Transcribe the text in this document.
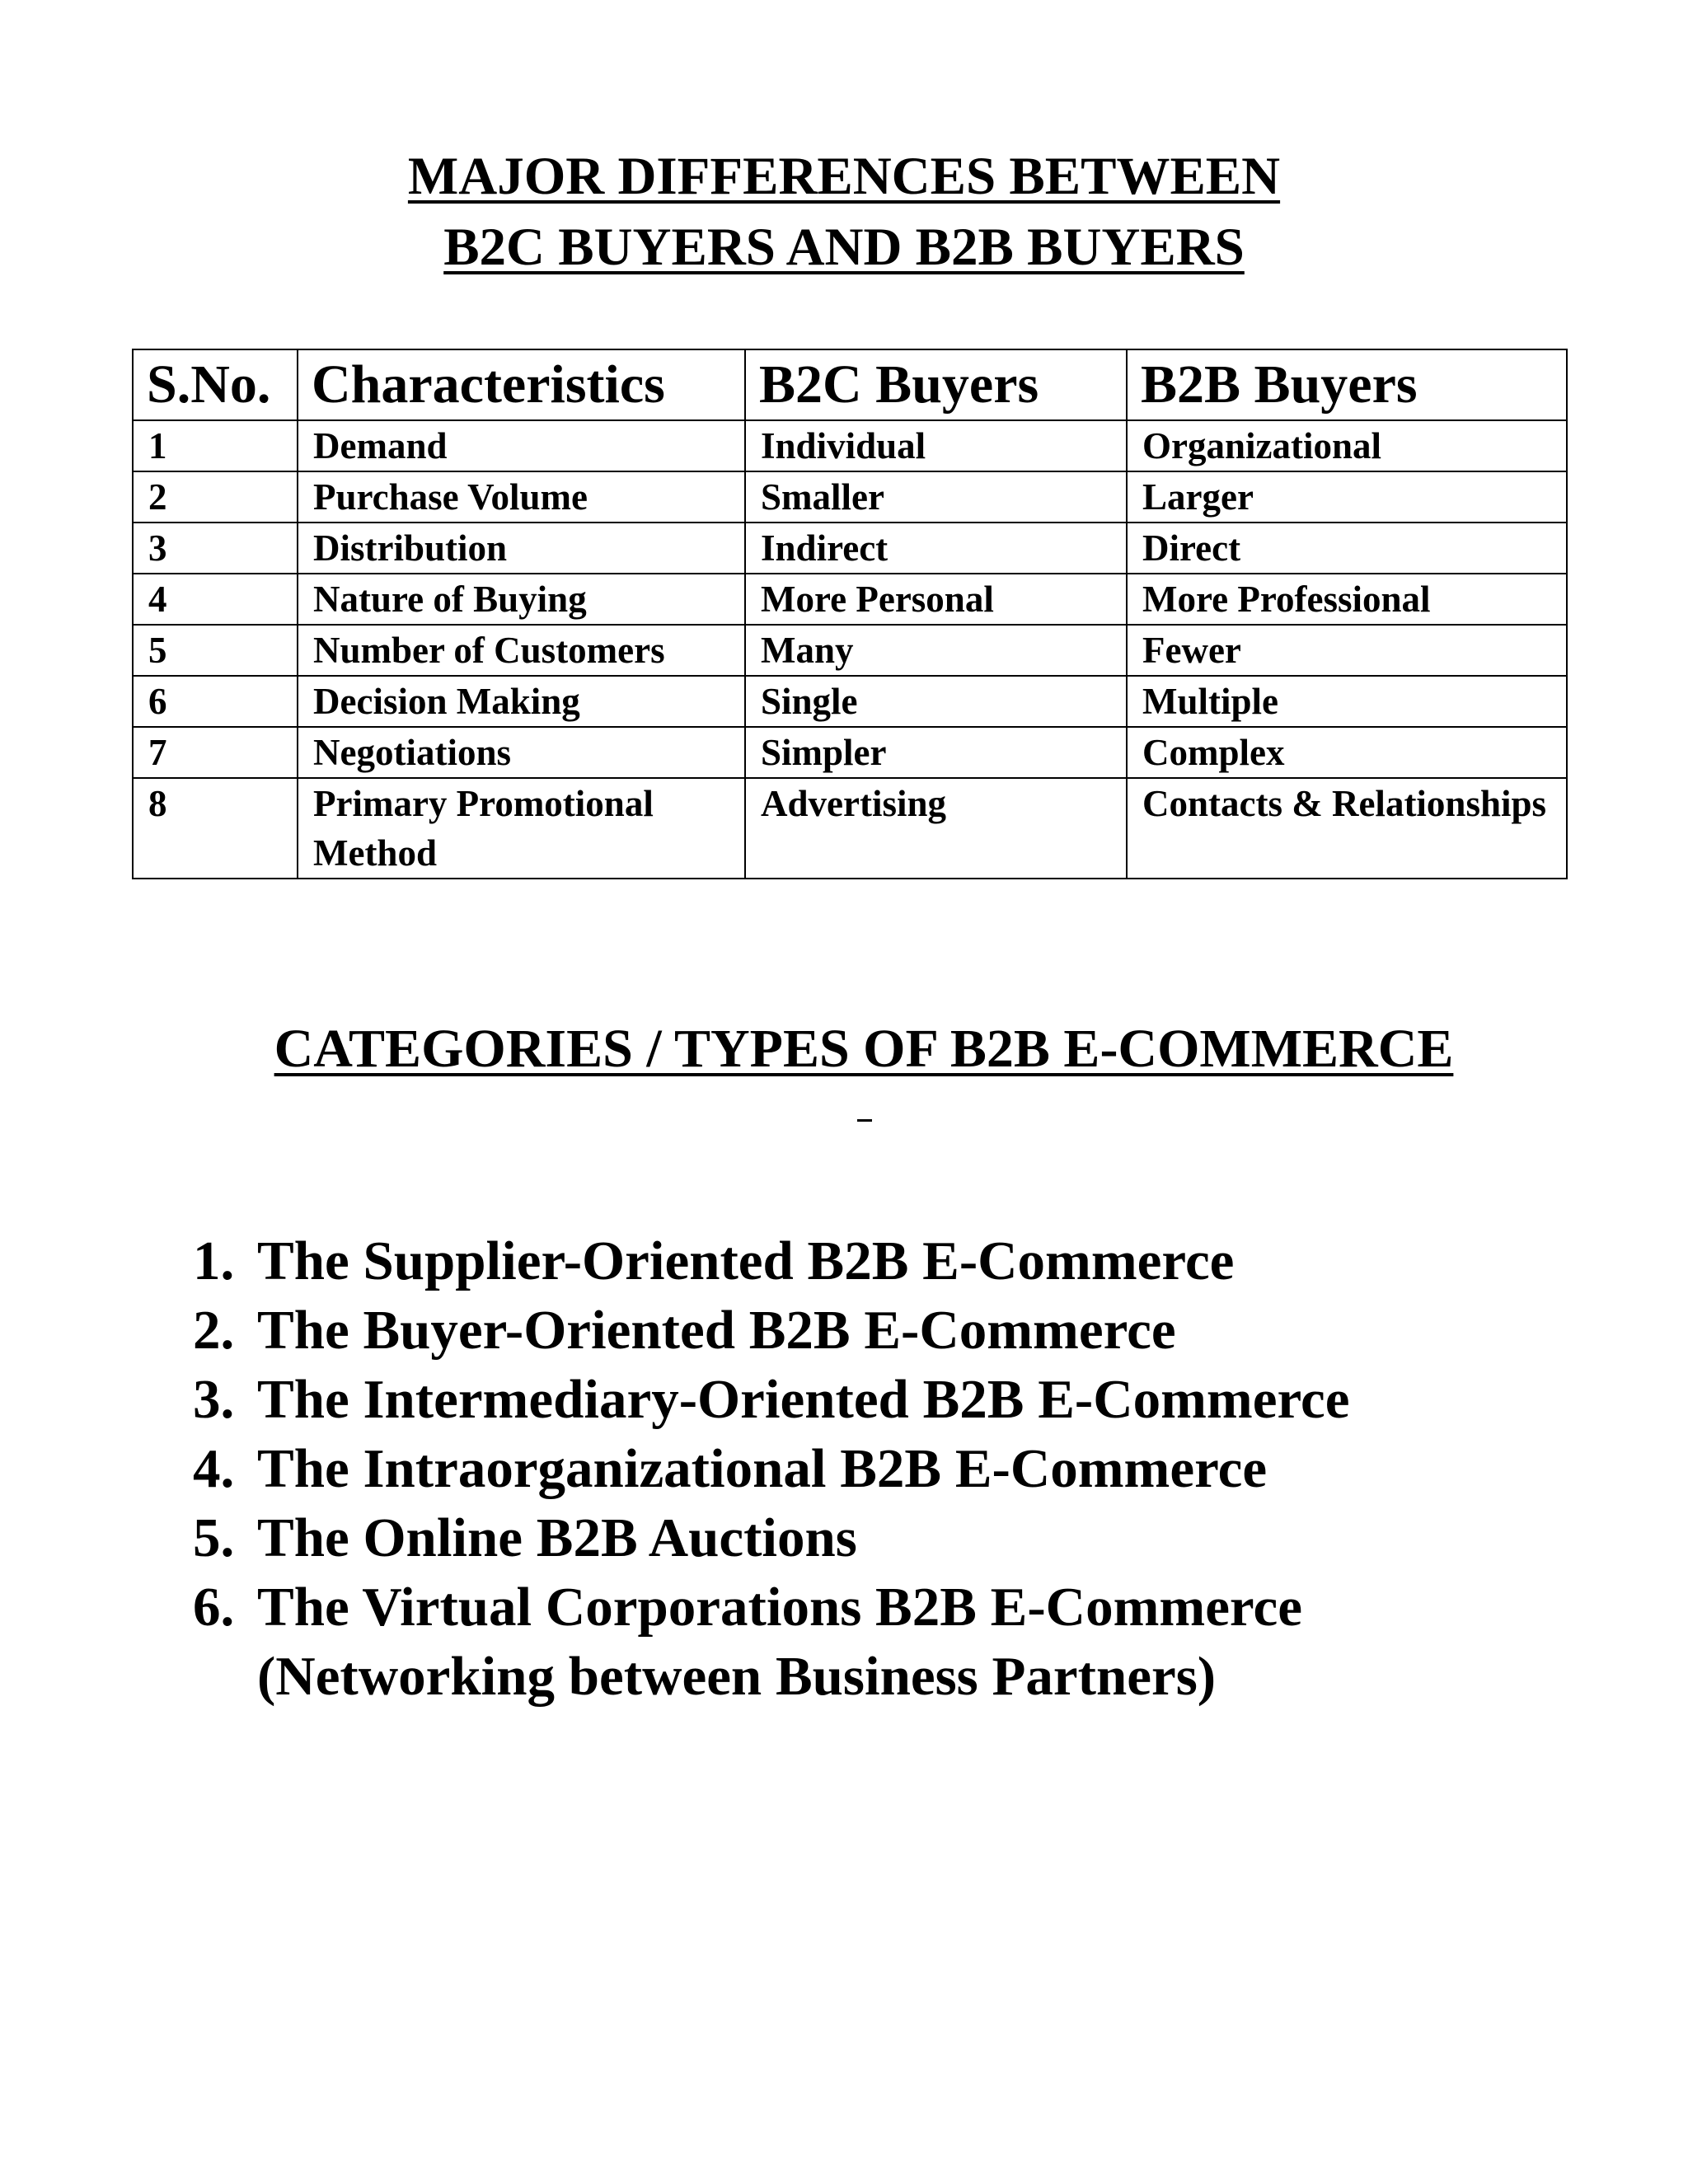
MAJOR DIFFERENCES BETWEEN
B2C BUYERS AND B2B BUYERS
S.No.	Characteristics	B2C Buyers	B2B Buyers
1	Demand	Individual	Organizational
2	Purchase Volume	Smaller	Larger
3	Distribution	Indirect	Direct
4	Nature of Buying	More Personal	More Professional
5	Number of Customers	Many	Fewer
6	Decision Making	Single	Multiple
7	Negotiations	Simpler	Complex
8	Primary Promotional Method	Advertising	Contacts & Relationships
CATEGORIES / TYPES OF B2B E-COMMERCE
1. The Supplier-Oriented B2B E-Commerce
2. The Buyer-Oriented B2B E-Commerce
3. The Intermediary-Oriented B2B E-Commerce
4. The Intraorganizational B2B E-Commerce
5. The Online B2B Auctions
6. The Virtual Corporations B2B E-Commerce
(Networking between Business Partners)
